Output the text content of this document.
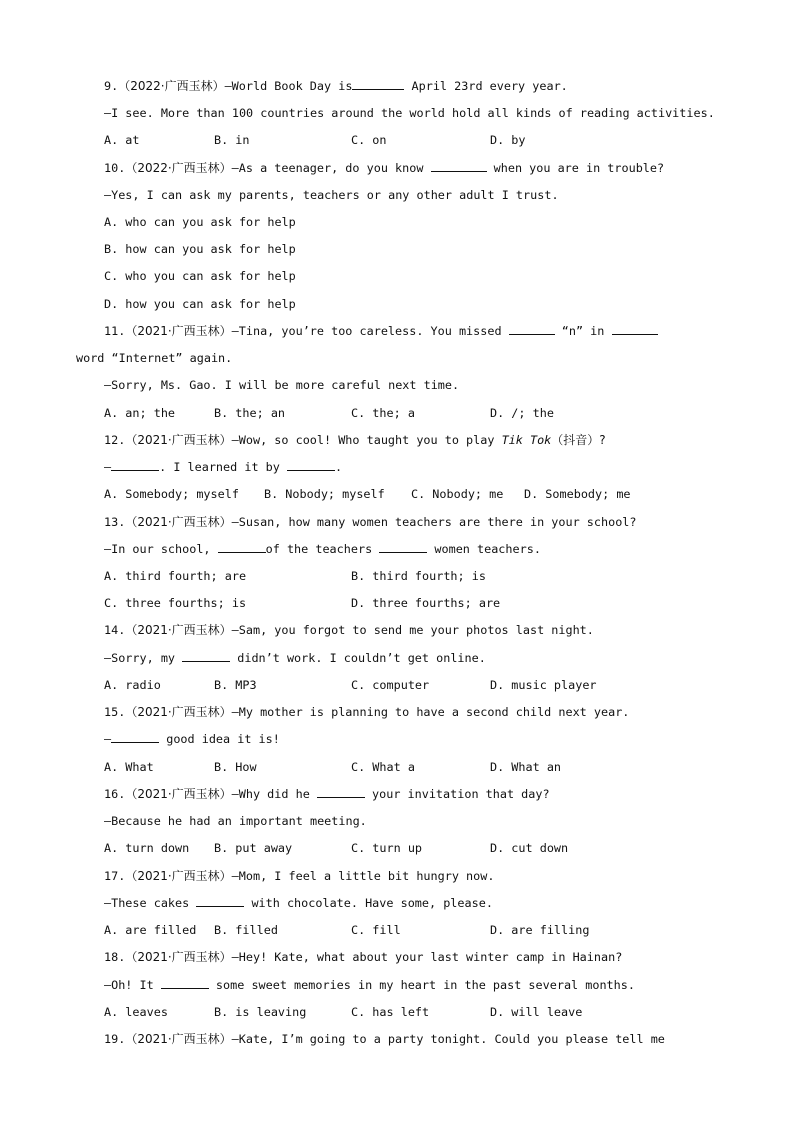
9.（2022·广西玉林）—World Book Day is	April 23rd every year.
—I see. More than 100 countries around the world hold all kinds of reading activities.
A. at	B. in	C. on	D. by
10.（2022·广西玉林）—As a teenager, do you know	when you are in trouble?
—Yes, I can ask my parents, teachers or any other adult I trust.
A. who can you ask for help
B. how can you ask for help
C. who you can ask for help
D. how you can ask for help
11.（2021·广西玉林）—Tina, you’re too careless. You missed	“n” in
word “Internet” again.
—Sorry, Ms. Gao. I will be more careful next time.
A. an; the	B. the; an	C. the; a	D. /; the
12.（2021·广西玉林）—Wow, so cool! Who taught you to play Tik Tok（抖音）?
—	. I learned it by	.
A. Somebody; myself B. Nobody; myself C. Nobody; me D. Somebody; me
13.（2021·广西玉林）—Susan, how many women teachers are there in your school?
—In our school,	of the teachers	women teachers.
A. third fourth; are	B. third fourth; is
C. three fourths; is	D. three fourths; are
14.（2021·广西玉林）—Sam, you forgot to send me your photos last night.
—Sorry, my	didn’t work. I couldn’t get online.
A. radio	B. MP3	C. computer	D. music player
15.（2021·广西玉林）—My mother is planning to have a second child next year.
—	good idea it is!
A. What	B. How	C. What a	D. What an
16.（2021·广西玉林）—Why did he	your invitation that day?
—Because he had an important meeting.
A. turn down B. put away	C. turn up	D. cut down
17.（2021·广西玉林）—Mom, I feel a little bit hungry now.
—These cakes	with chocolate. Have some, please.
A. are filled B. filled	C. fill	D. are filling
18.（2021·广西玉林）—Hey! Kate, what about your last winter camp in Hainan?
—Oh! It	some sweet memories in my heart in the past several months.
A. leaves	B. is leaving	C. has left	D. will leave
19.（2021·广西玉林）—Kate, I’m going to a party tonight. Could you please tell me
